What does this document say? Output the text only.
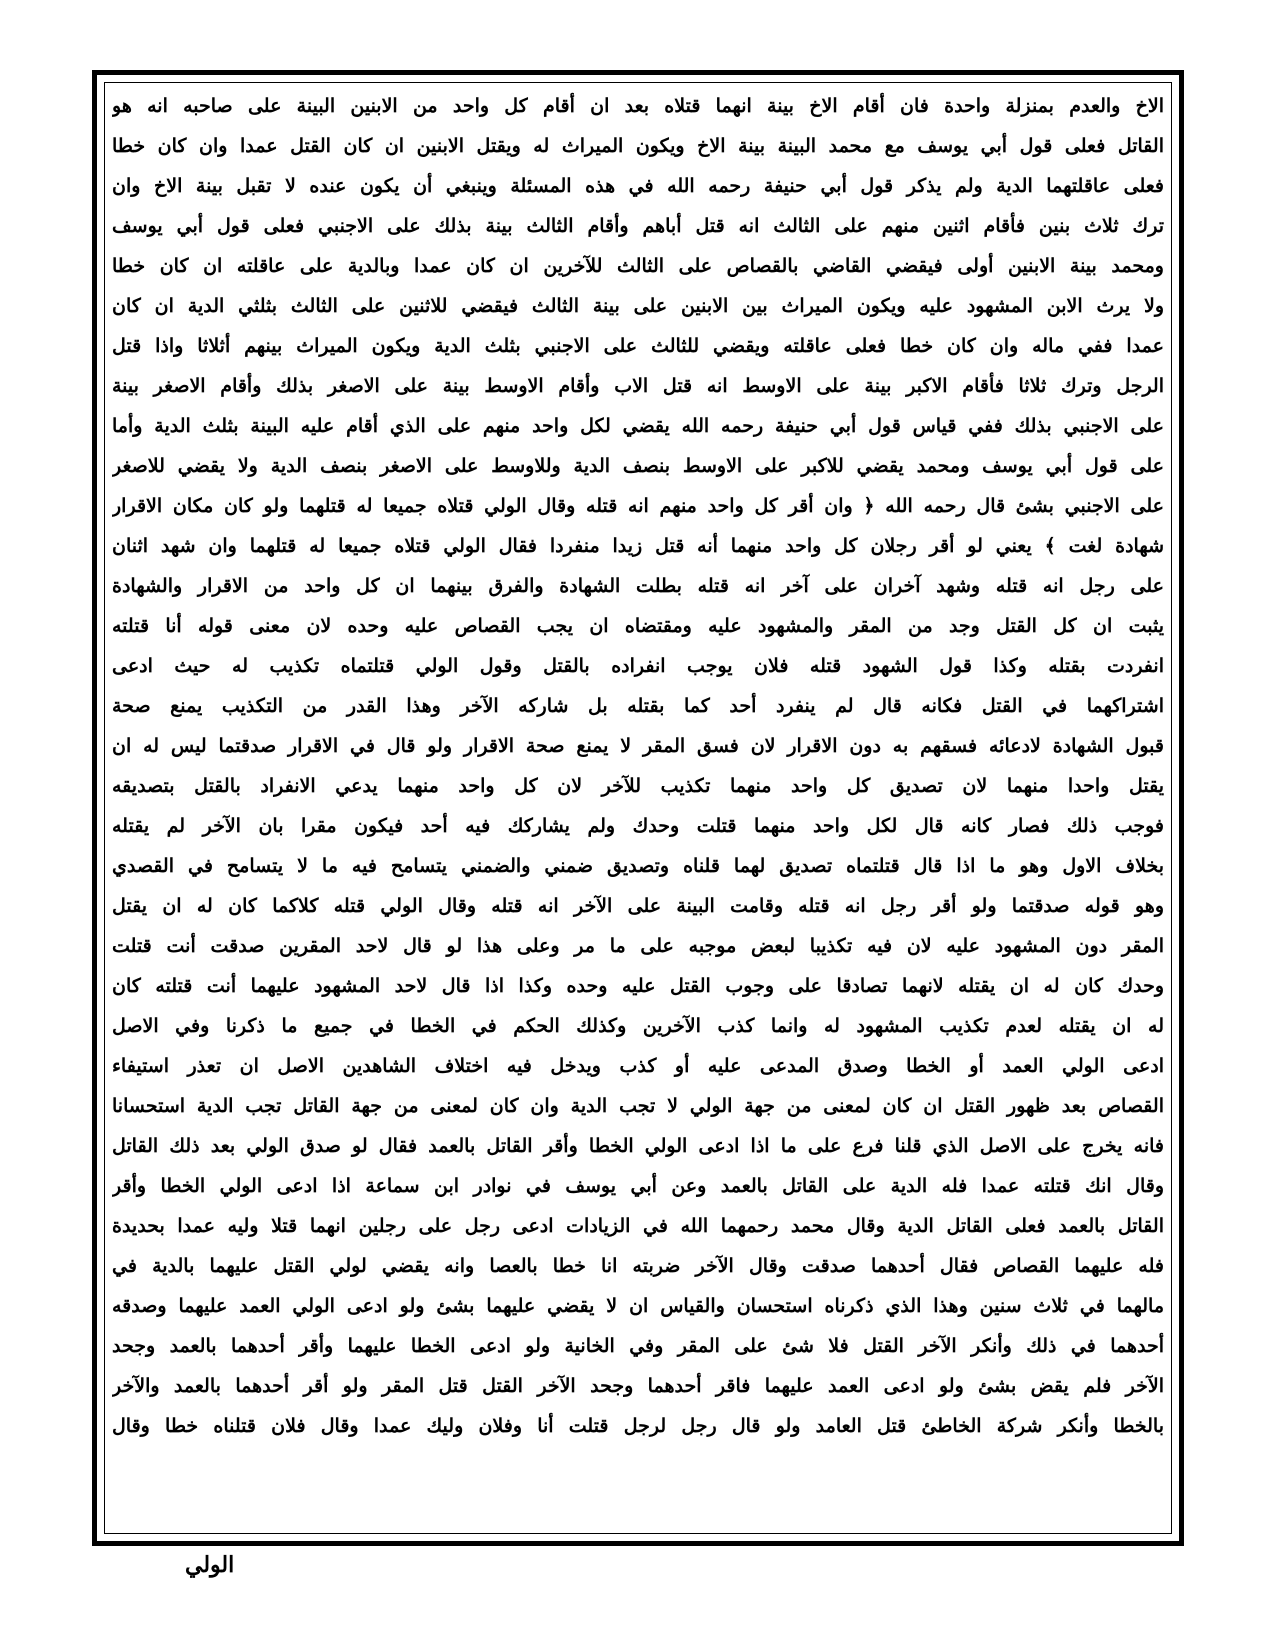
الاخ والعدم بمنزلة واحدة فان أقام الاخ بينة انهما قتلاه بعد ان أقام كل واحد من الابنين البينة على صاحبه انه هو
القاتل فعلى قول أبي يوسف مع محمد البينة بينة الاخ ويكون الميراث له ويقتل الابنين ان كان القتل عمدا وان كان خطا
فعلى عاقلتهما الدية ولم يذكر قول أبي حنيفة رحمه الله في هذه المسئلة وينبغي أن يكون عنده لا تقبل بينة الاخ وان
ترك ثلاث بنين فأقام اثنين منهم على الثالث انه قتل أباهم وأقام الثالث بينة بذلك على الاجنبي فعلى قول أبي يوسف
ومحمد بينة الابنين أولى فيقضي القاضي بالقصاص على الثالث للآخرين ان كان عمدا وبالدية على عاقلته ان كان خطا
ولا يرث الابن المشهود عليه ويكون الميراث بين الابنين على بينة الثالث فيقضي للاثنين على الثالث بثلثي الدية ان كان
عمدا ففي ماله وان كان خطا فعلى عاقلته ويقضي للثالث على الاجنبي بثلث الدية ويكون الميراث بينهم أثلاثا واذا قتل
الرجل وترك ثلاثا فأقام الاكبر بينة على الاوسط انه قتل الاب وأقام الاوسط بينة على الاصغر بذلك وأقام الاصغر بينة
على الاجنبي بذلك ففي قياس قول أبي حنيفة رحمه الله يقضي لكل واحد منهم على الذي أقام عليه البينة بثلث الدية وأما
على قول أبي يوسف ومحمد يقضي للاكبر على الاوسط بنصف الدية وللاوسط على الاصغر بنصف الدية ولا يقضي للاصغر
على الاجنبي بشئ قال رحمه الله ﴿ وان أقر كل واحد منهم انه قتله وقال الولي قتلاه جميعا له قتلهما ولو كان مكان الاقرار
شهادة لغت ﴾ يعني لو أقر رجلان كل واحد منهما أنه قتل زيدا منفردا فقال الولي قتلاه جميعا له قتلهما وان شهد اثنان
على رجل انه قتله وشهد آخران على آخر انه قتله بطلت الشهادة والفرق بينهما ان كل واحد من الاقرار والشهادة
يثبت ان كل القتل وجد من المقر والمشهود عليه ومقتضاه ان يجب القصاص عليه وحده لان معنى قوله أنا قتلته
انفردت بقتله وكذا قول الشهود قتله فلان يوجب انفراده بالقتل وقول الولي قتلتماه تكذيب له حيث ادعى
اشتراكهما في القتل فكانه قال لم ينفرد أحد كما بقتله بل شاركه الآخر وهذا القدر من التكذيب يمنع صحة
قبول الشهادة لادعائه فسقهم به دون الاقرار لان فسق المقر لا يمنع صحة الاقرار ولو قال في الاقرار صدقتما ليس له ان
يقتل واحدا منهما لان تصديق كل واحد منهما تكذيب للآخر لان كل واحد منهما يدعي الانفراد بالقتل بتصديقه
فوجب ذلك فصار كانه قال لكل واحد منهما قتلت وحدك ولم يشاركك فيه أحد فيكون مقرا بان الآخر لم يقتله
بخلاف الاول وهو ما اذا قال قتلتماه تصديق لهما قلناه وتصديق ضمني والضمني يتسامح فيه ما لا يتسامح في القصدي
وهو قوله صدقتما ولو أقر رجل انه قتله وقامت البينة على الآخر انه قتله وقال الولي قتله كلاكما كان له ان يقتل
المقر دون المشهود عليه لان فيه تكذيبا لبعض موجبه على ما مر وعلى هذا لو قال لاحد المقرين صدقت أنت قتلت
وحدك كان له ان يقتله لانهما تصادقا على وجوب القتل عليه وحده وكذا اذا قال لاحد المشهود عليهما أنت قتلته كان
له ان يقتله لعدم تكذيب المشهود له وانما كذب الآخرين وكذلك الحكم في الخطا في جميع ما ذكرنا وفي الاصل
ادعى الولي العمد أو الخطا وصدق المدعى عليه أو كذب ويدخل فيه اختلاف الشاهدين الاصل ان تعذر استيفاء
القصاص بعد ظهور القتل ان كان لمعنى من جهة الولي لا تجب الدية وان كان لمعنى من جهة القاتل تجب الدية استحسانا
فانه يخرج على الاصل الذي قلنا فرع على ما اذا ادعى الولي الخطا وأقر القاتل بالعمد فقال لو صدق الولي بعد ذلك القاتل
وقال انك قتلته عمدا فله الدية على القاتل بالعمد وعن أبي يوسف في نوادر ابن سماعة اذا ادعى الولي الخطا وأقر
القاتل بالعمد فعلى القاتل الدية وقال محمد رحمهما الله في الزيادات ادعى رجل على رجلين انهما قتلا وليه عمدا بحديدة
فله عليهما القصاص فقال أحدهما صدقت وقال الآخر ضربته انا خطا بالعصا وانه يقضي لولي القتل عليهما بالدية في
مالهما في ثلاث سنين وهذا الذي ذكرناه استحسان والقياس ان لا يقضي عليهما بشئ ولو ادعى الولي العمد عليهما وصدقه
أحدهما في ذلك وأنكر الآخر القتل فلا شئ على المقر وفي الخانية ولو ادعى الخطا عليهما وأقر أحدهما بالعمد وجحد
الآخر فلم يقض بشئ ولو ادعى العمد عليهما فاقر أحدهما وجحد الآخر القتل قتل المقر ولو أقر أحدهما بالعمد والآخر
بالخطا وأنكر شركة الخاطئ قتل العامد ولو قال رجل لرجل قتلت أنا وفلان وليك عمدا وقال فلان قتلناه خطا وقال
الولي
